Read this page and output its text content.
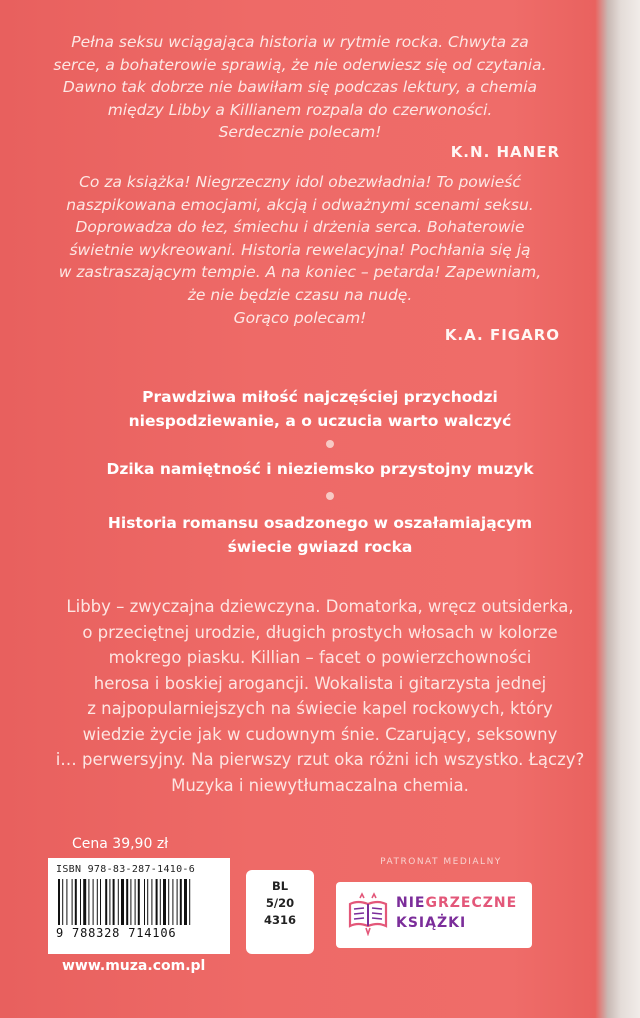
Pełna seksu wciągająca historia w rytmie rocka. Chwyta za
serce, a bohaterowie sprawią, że nie oderwiesz się od czytania.
Dawno tak dobrze nie bawiłam się podczas lektury, a chemia
między Libby a Killianem rozpala do czerwoności.
Serdecznie polecam!
K.N. HANER
Co za książka! Niegrzeczny idol obezwładnia! To powieść
naszpikowana emocjami, akcją i odważnymi scenami seksu.
Doprowadza do łez, śmiechu i drżenia serca. Bohaterowie
świetnie wykreowani. Historia rewelacyjna! Pochłania się ją
w zastraszającym tempie. A na koniec – petarda! Zapewniam,
że nie będzie czasu na nudę.
Gorąco polecam!
K.A. FIGARO
Prawdziwa miłość najczęściej przychodzi
niespodziewanie, a o uczucia warto walczyć
Dzika namiętność i nieziemsko przystojny muzyk
Historia romansu osadzonego w oszałamiającym
świecie gwiazd rocka
Libby – zwyczajna dziewczyna. Domatorka, wręcz outsiderka,
o przeciętnej urodzie, długich prostych włosach w kolorze
mokrego piasku. Killian – facet o powierzchowności
herosa i boskiej arogancji. Wokalista i gitarzysta jednej
z najpopularniejszych na świecie kapel rockowych, który
wiedzie życie jak w cudownym śnie. Czarujący, seksowny
i… perwersyjny. Na pierwszy rzut oka różni ich wszystko. Łączy?
Muzyka i niewytłumaczalna chemia.
Cena 39,90 zł
ISBN 978-83-287-1410-6
9 788328 714106
BL
5/20
4316
PATRONAT MEDIALNY
NIEGRZECZNE
KSIĄŻKI
www.muza.com.pl
